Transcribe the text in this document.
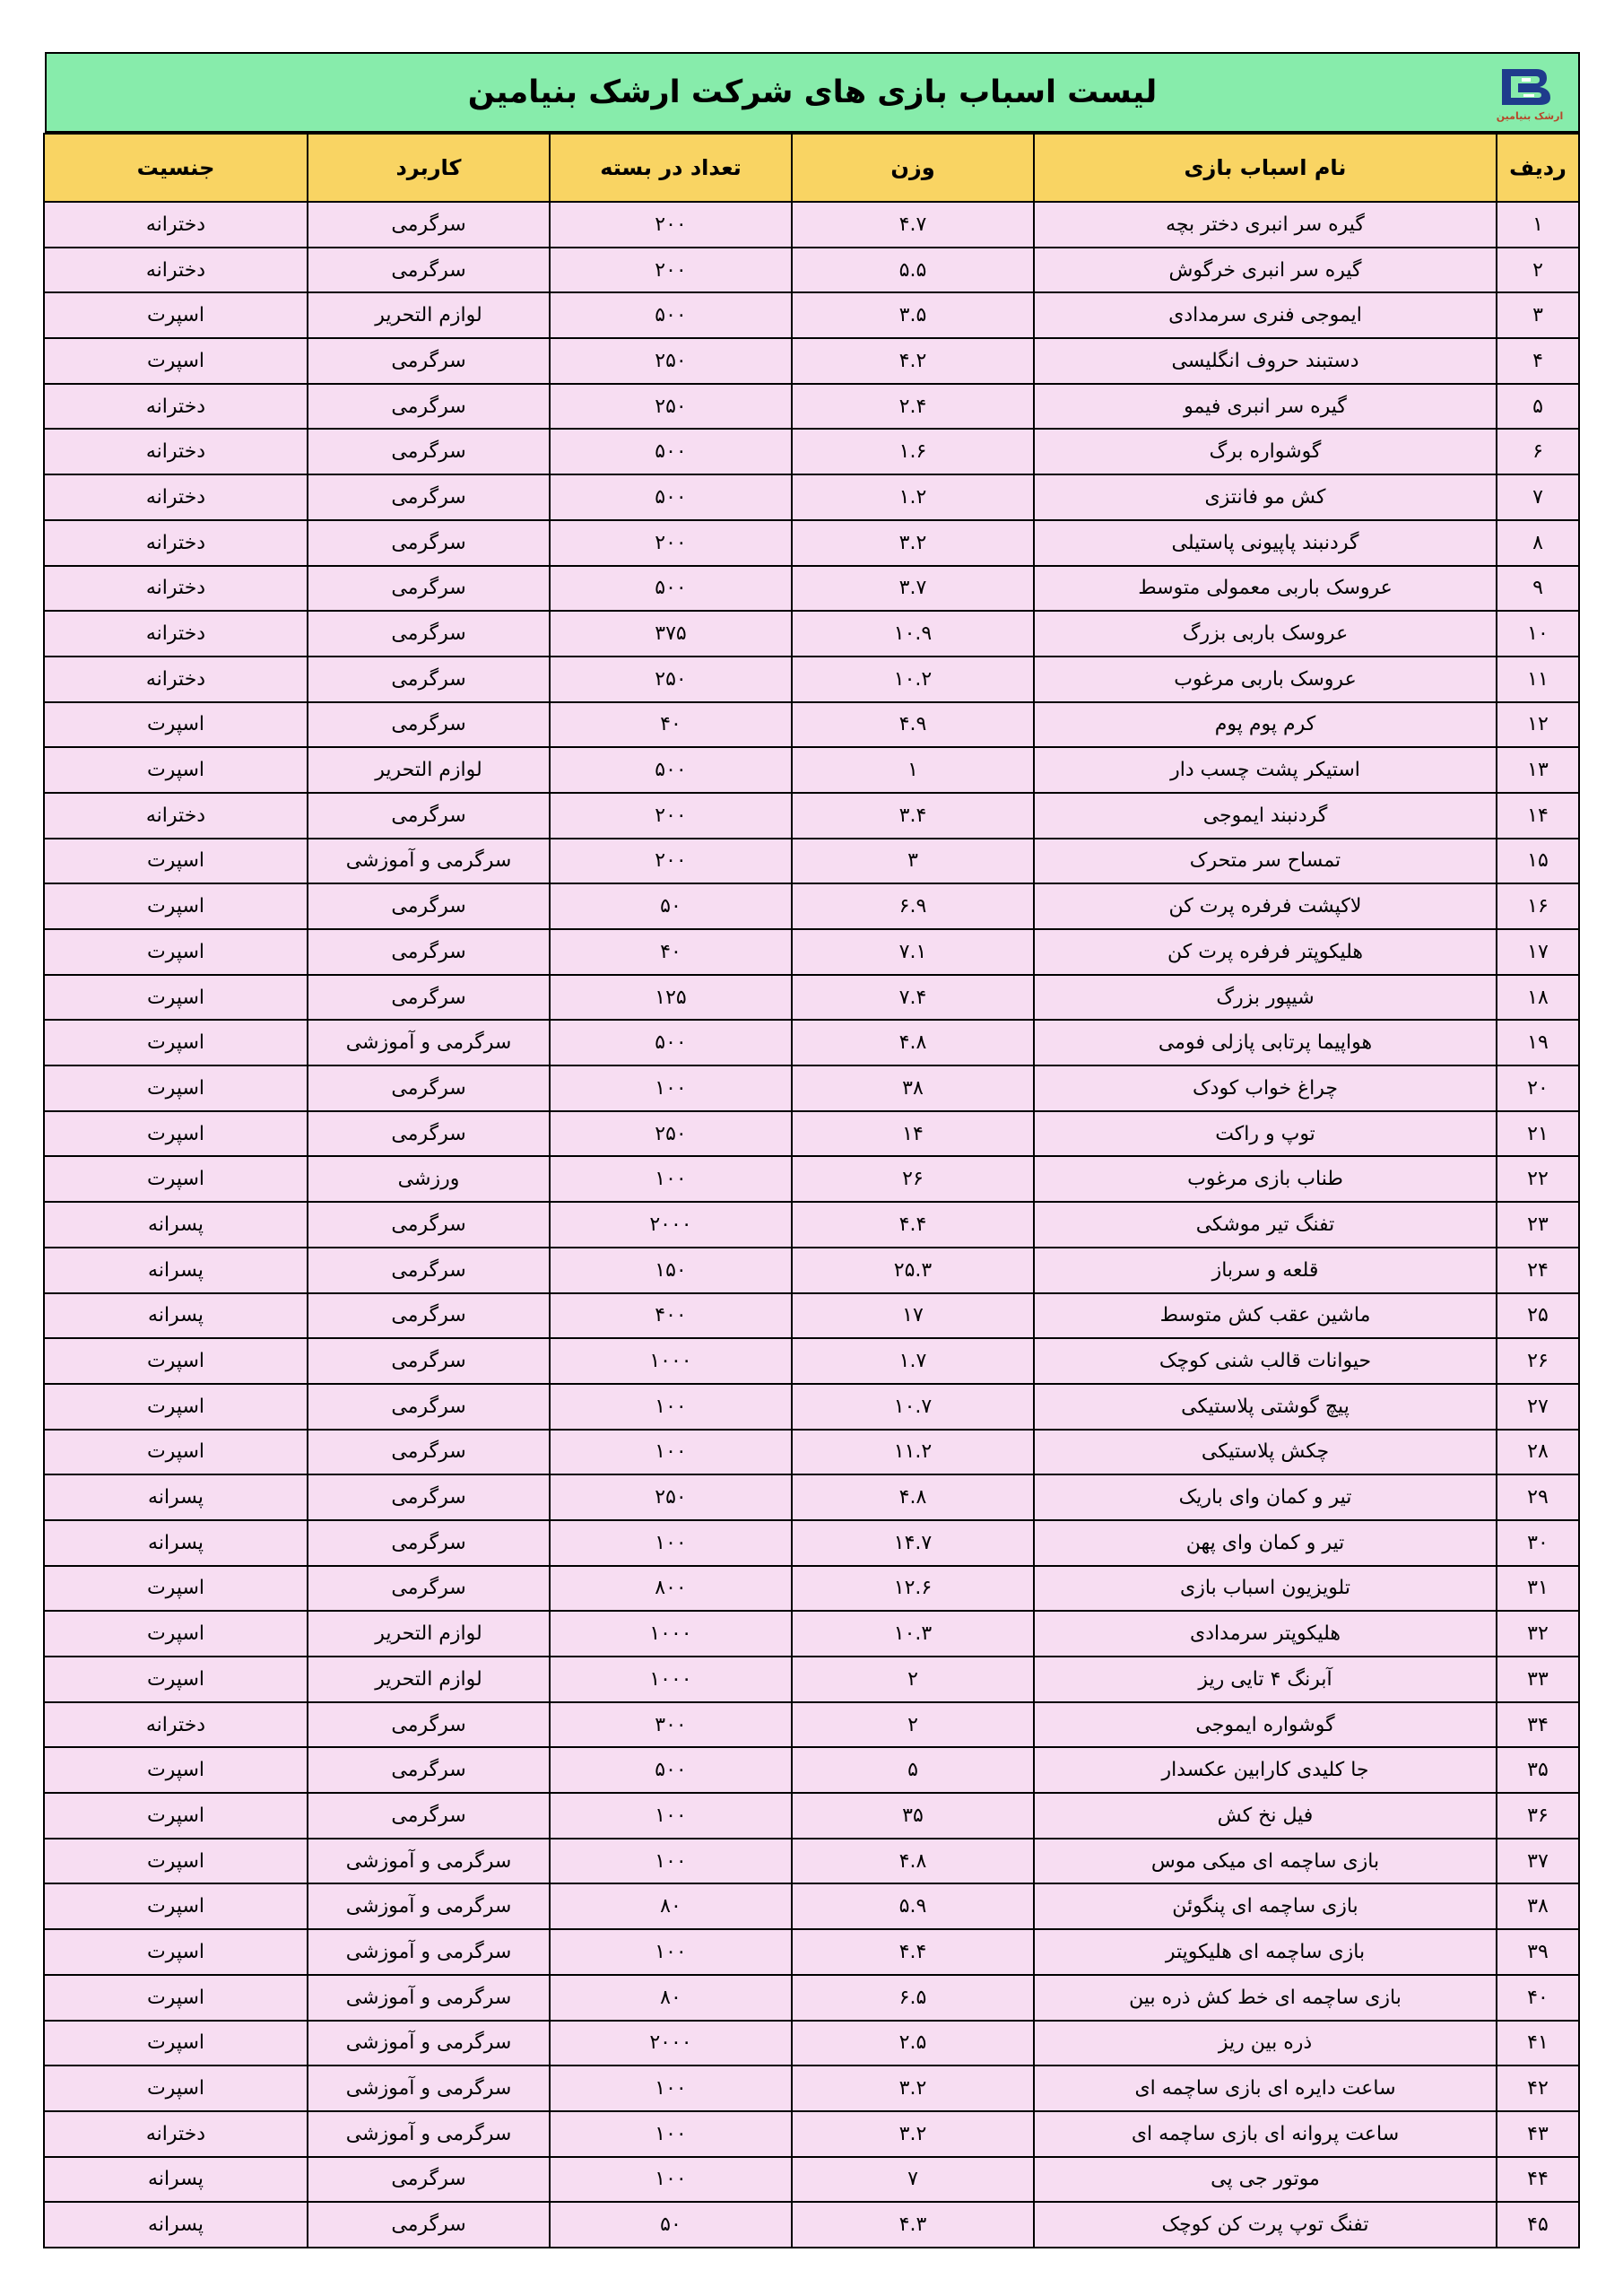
ارشک بنیامین
لیست اسباب بازی های شرکت ارشک بنیامین
ردیف	نام اسباب بازی	وزن	تعداد در بسته	کاربرد	جنسیت
۱	گیره سر انبری دختر بچه	۴.۷	۲۰۰	سرگرمی	دخترانه
۲	گیره سر انبری خرگوش	۵.۵	۲۰۰	سرگرمی	دخترانه
۳	ایموجی فنری سرمدادی	۳.۵	۵۰۰	لوازم التحریر	اسپرت
۴	دستبند حروف انگلیسی	۴.۲	۲۵۰	سرگرمی	اسپرت
۵	گیره سر انبری فیمو	۲.۴	۲۵۰	سرگرمی	دخترانه
۶	گوشواره برگ	۱.۶	۵۰۰	سرگرمی	دخترانه
۷	کش مو فانتزی	۱.۲	۵۰۰	سرگرمی	دخترانه
۸	گردنبند پاپیونی پاستیلی	۳.۲	۲۰۰	سرگرمی	دخترانه
۹	عروسک باربی معمولی متوسط	۳.۷	۵۰۰	سرگرمی	دخترانه
۱۰	عروسک باربی بزرگ	۱۰.۹	۳۷۵	سرگرمی	دخترانه
۱۱	عروسک باربی مرغوب	۱۰.۲	۲۵۰	سرگرمی	دخترانه
۱۲	کرم پوم پوم	۴.۹	۴۰	سرگرمی	اسپرت
۱۳	استیکر پشت چسب دار	۱	۵۰۰	لوازم التحریر	اسپرت
۱۴	گردنبند ایموجی	۳.۴	۲۰۰	سرگرمی	دخترانه
۱۵	تمساح سر متحرک	۳	۲۰۰	سرگرمی و آموزشی	اسپرت
۱۶	لاکپشت فرفره پرت کن	۶.۹	۵۰	سرگرمی	اسپرت
۱۷	هلیکوپتر فرفره پرت کن	۷.۱	۴۰	سرگرمی	اسپرت
۱۸	شیپور بزرگ	۷.۴	۱۲۵	سرگرمی	اسپرت
۱۹	هواپیما پرتابی پازلی فومی	۴.۸	۵۰۰	سرگرمی و آموزشی	اسپرت
۲۰	چراغ خواب کودک	۳۸	۱۰۰	سرگرمی	اسپرت
۲۱	توپ و راکت	۱۴	۲۵۰	سرگرمی	اسپرت
۲۲	طناب بازی مرغوب	۲۶	۱۰۰	ورزشی	اسپرت
۲۳	تفنگ تیر موشکی	۴.۴	۲۰۰۰	سرگرمی	پسرانه
۲۴	قلعه و سرباز	۲۵.۳	۱۵۰	سرگرمی	پسرانه
۲۵	ماشین عقب کش متوسط	۱۷	۴۰۰	سرگرمی	پسرانه
۲۶	حیوانات قالب شنی کوچک	۱.۷	۱۰۰۰	سرگرمی	اسپرت
۲۷	پیچ گوشتی پلاستیکی	۱۰.۷	۱۰۰	سرگرمی	اسپرت
۲۸	چکش پلاستیکی	۱۱.۲	۱۰۰	سرگرمی	اسپرت
۲۹	تیر و کمان وای باریک	۴.۸	۲۵۰	سرگرمی	پسرانه
۳۰	تیر و کمان وای پهن	۱۴.۷	۱۰۰	سرگرمی	پسرانه
۳۱	تلویزیون اسباب بازی	۱۲.۶	۸۰۰	سرگرمی	اسپرت
۳۲	هلیکوپتر سرمدادی	۱۰.۳	۱۰۰۰	لوازم التحریر	اسپرت
۳۳	آبرنگ ۴ تایی ریز	۲	۱۰۰۰	لوازم التحریر	اسپرت
۳۴	گوشواره ایموجی	۲	۳۰۰	سرگرمی	دخترانه
۳۵	جا کلیدی کارابین عکسدار	۵	۵۰۰	سرگرمی	اسپرت
۳۶	فیل نخ کش	۳۵	۱۰۰	سرگرمی	اسپرت
۳۷	بازی ساچمه ای میکی موس	۴.۸	۱۰۰	سرگرمی و آموزشی	اسپرت
۳۸	بازی ساچمه ای پنگوئن	۵.۹	۸۰	سرگرمی و آموزشی	اسپرت
۳۹	بازی ساچمه ای هلیکوپتر	۴.۴	۱۰۰	سرگرمی و آموزشی	اسپرت
۴۰	بازی ساچمه ای خط کش ذره بین	۶.۵	۸۰	سرگرمی و آموزشی	اسپرت
۴۱	ذره بین ریز	۲.۵	۲۰۰۰	سرگرمی و آموزشی	اسپرت
۴۲	ساعت دایره ای بازی ساچمه ای	۳.۲	۱۰۰	سرگرمی و آموزشی	اسپرت
۴۳	ساعت پروانه ای بازی ساچمه ای	۳.۲	۱۰۰	سرگرمی و آموزشی	دخترانه
۴۴	موتور جی پی	۷	۱۰۰	سرگرمی	پسرانه
۴۵	تفنگ توپ پرت کن کوچک	۴.۳	۵۰	سرگرمی	پسرانه
